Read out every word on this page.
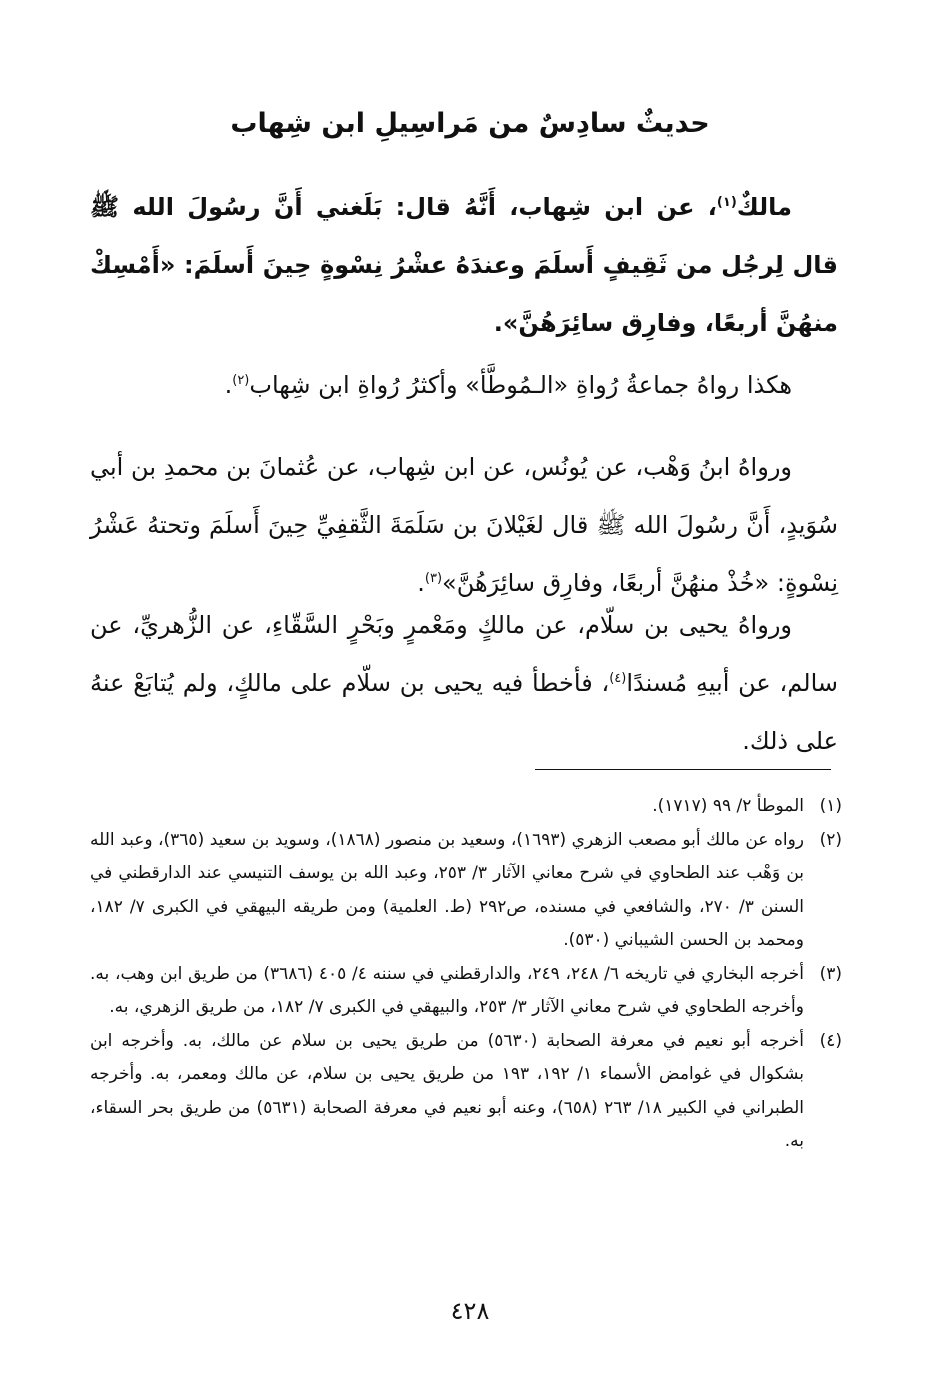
حديثٌ سادِسٌ من مَراسِيلِ ابن شِهاب

مالكٌ$^{(١)}$، عن ابن شِهاب، أَنَّهُ قال: بَلَغني أَنَّ رسُولَ الله ﷺ قال لِرجُل من ثَقِيفٍ أَسلَمَ وعندَهُ عشْرُ نِسْوةٍ حِينَ أَسلَمَ: «أَمْسِكْ منهُنَّ أربعًا، وفارِق سائِرَهُنَّ».

هكذا رواهُ جماعةُ رُواةِ «الـمُوطَّأ» وأكثرُ رُواةِ ابن شِهاب$^{(٢)}$.

ورواهُ ابنُ وَهْب، عن يُونُس، عن ابن شِهاب، عن عُثمانَ بن محمدِ بن أبي سُوَيدٍ، أَنَّ رسُولَ الله ﷺ قال لغَيْلانَ بن سَلَمَةَ الثَّقفِيِّ حِينَ أَسلَمَ وتحتهُ عَشْرُ نِسْوةٍ: «خُذْ منهُنَّ أربعًا، وفارِق سائِرَهُنَّ»$^{(٣)}$.

ورواهُ يحيى بن سلّام، عن مالكٍ ومَعْمرٍ وبَحْرٍ السَّقّاءِ، عن الزُّهريِّ، عن سالم، عن أبيهِ مُسندًا$^{(٤)}$، فأخطأ فيه يحيى بن سلّام على مالكٍ، ولم يُتابَعْ عنهُ على ذلك.

(١)
الموطأ ٢/ ٩٩ (١٧١٧).
(٢)
رواه عن مالك أبو مصعب الزهري (١٦٩٣)، وسعيد بن منصور (١٨٦٨)، وسويد بن سعيد (٣٦٥)، وعبد الله بن وَهْب عند الطحاوي في شرح معاني الآثار ٣/ ٢٥٣، وعبد الله بن يوسف التنيسي عند الدارقطني في السنن ٣/ ٢٧٠، والشافعي في مسنده، ص٢٩٢ (ط. العلمية) ومن طريقه البيهقي في الكبرى ٧/ ١٨٢، ومحمد بن الحسن الشيباني (٥٣٠).
(٣)
أخرجه البخاري في تاريخه ٦/ ٢٤٨، ٢٤٩، والدارقطني في سننه ٤/ ٤٠٥ (٣٦٨٦) من طريق ابن وهب، به. وأخرجه الطحاوي في شرح معاني الآثار ٣/ ٢٥٣، والبيهقي في الكبرى ٧/ ١٨٢، من طريق الزهري، به.
(٤)
أخرجه أبو نعيم في معرفة الصحابة (٥٦٣٠) من طريق يحيى بن سلام عن مالك، به. وأخرجه ابن بشكوال في غوامض الأسماء ١/ ١٩٢، ١٩٣ من طريق يحيى بن سلام، عن مالك ومعمر، به. وأخرجه الطبراني في الكبير ١٨/ ٢٦٣ (٦٥٨)، وعنه أبو نعيم في معرفة الصحابة (٥٦٣١) من طريق بحر السقاء، به.
٤٢٨
